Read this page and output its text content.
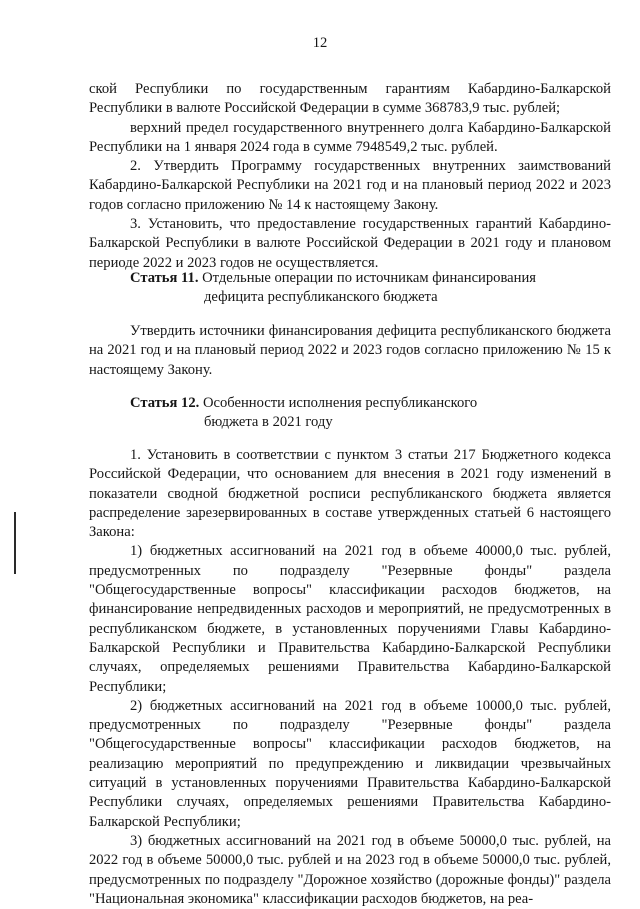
12

ской Республики по государственным гарантиям Кабардино-Балкарской Республики в валюте Российской Федерации в сумме 368783,9 тыс. рублей;

верхний предел государственного внутреннего долга Кабардино-Балкарской Республики на 1 января 2024 года в сумме 7948549,2 тыс. рублей.

2. Утвердить Программу государственных внутренних заимствований Кабардино-Балкарской Республики на 2021 год и на плановый период 2022 и 2023 годов согласно приложению № 14 к настоящему Закону.

3. Установить, что предоставление государственных гарантий Кабардино-Балкарской Республики в валюте Российской Федерации в 2021 году и плановом периоде 2022 и 2023 годов не осуществляется.

Статья 11. Отдельные операции по источникам финансирования
дефицита республиканского бюджета

Утвердить источники финансирования дефицита республиканского бюджета на 2021 год и на плановый период 2022 и 2023 годов согласно приложению № 15 к настоящему Закону.

Статья 12. Особенности исполнения республиканского
бюджета в 2021 году

1. Установить в соответствии с пунктом 3 статьи 217 Бюджетного кодекса Российской Федерации, что основанием для внесения в 2021 году изменений в показатели сводной бюджетной росписи республиканского бюджета является распределение зарезервированных в составе утвержденных статьей 6 настоящего Закона:

1) бюджетных ассигнований на 2021 год в объеме 40000,0 тыс. рублей, предусмотренных по подразделу "Резервные фонды" раздела "Общегосударственные вопросы" классификации расходов бюджетов, на финансирование непредвиденных расходов и мероприятий, не предусмотренных в республиканском бюджете, в установленных поручениями Главы Кабардино-Балкарской Республики и Правительства Кабардино-Балкарской Республики случаях, определяемых решениями Правительства Кабардино-Балкарской Республики;

2) бюджетных ассигнований на 2021 год в объеме 10000,0 тыс. рублей, предусмотренных по подразделу "Резервные фонды" раздела "Общегосударственные вопросы" классификации расходов бюджетов, на реализацию мероприятий по предупреждению и ликвидации чрезвычайных ситуаций в установленных поручениями Правительства Кабардино-Балкарской Республики случаях, определяемых решениями Правительства Кабардино-Балкарской Республики;

3) бюджетных ассигнований на 2021 год в объеме 50000,0 тыс. рублей, на 2022 год в объеме 50000,0 тыс. рублей и на 2023 год в объеме 50000,0 тыс. рублей, предусмотренных по подразделу "Дорожное хозяйство (дорожные фонды)" раздела "Национальная экономика" классификации расходов бюджетов, на реа-
